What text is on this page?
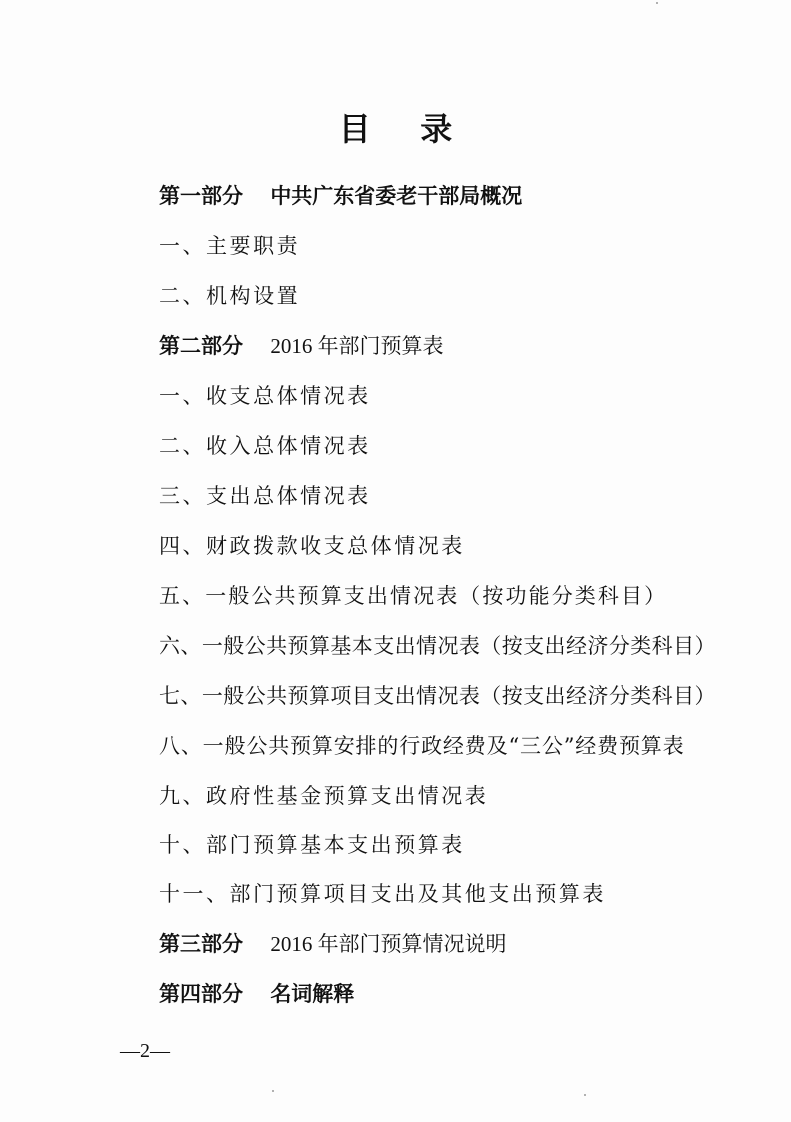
目 录
第一部分 中共广东省委老干部局概况
一、主要职责
二、机构设置
第二部分 2016 年部门预算表
一、收支总体情况表
二、收入总体情况表
三、支出总体情况表
四、财政拨款收支总体情况表
五、一般公共预算支出情况表（按功能分类科目）
六、一般公共预算基本支出情况表（按支出经济分类科目）
七、一般公共预算项目支出情况表（按支出经济分类科目）
八、一般公共预算安排的行政经费及“三公”经费预算表
九、政府性基金预算支出情况表
十、部门预算基本支出预算表
十一、部门预算项目支出及其他支出预算表
第三部分 2016 年部门预算情况说明
第四部分 名词解释
—2—
